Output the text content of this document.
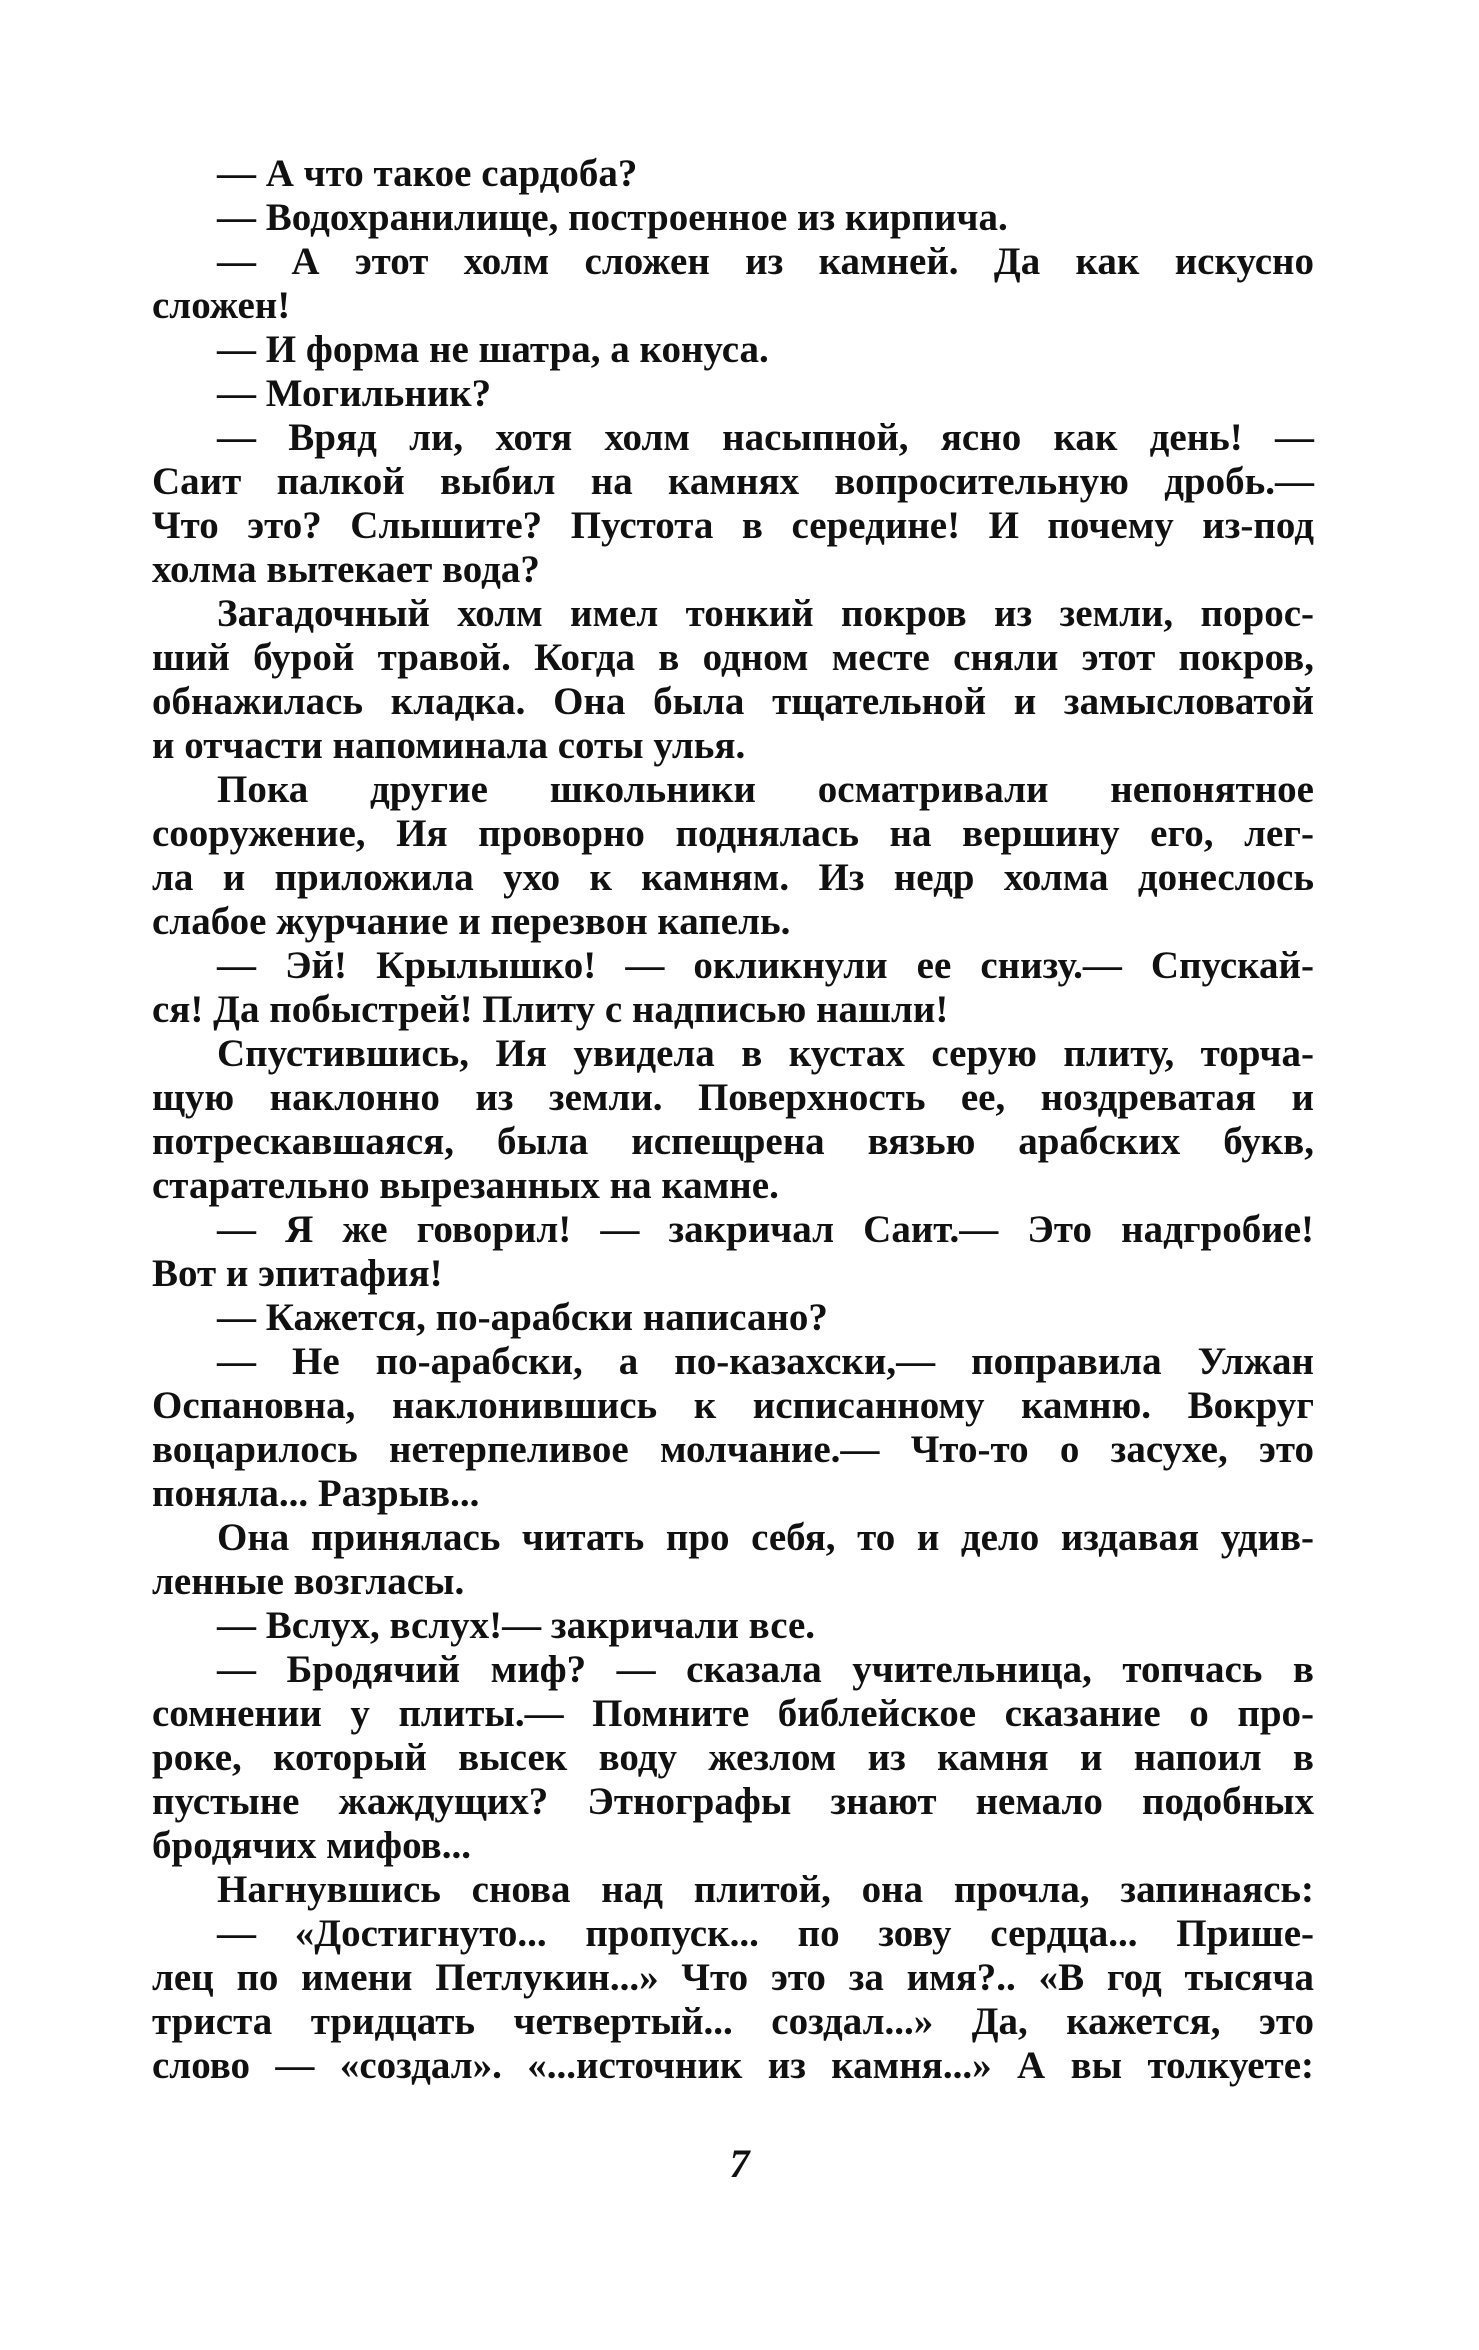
— А что такое сардоба?
— Водохранилище, построенное из кирпича.
— А этот холм сложен из камней. Да как искусно
сложен!
— И форма не шатра, а конуса.
— Могильник?
— Вряд ли, хотя холм насыпной, ясно как день! —
Саит палкой выбил на камнях вопросительную дробь.—
Что это? Слышите? Пустота в середине! И почему из-под
холма вытекает вода?
Загадочный холм имел тонкий покров из земли, порос-
ший бурой травой. Когда в одном месте сняли этот покров,
обнажилась кладка. Она была тщательной и замысловатой
и отчасти напоминала соты улья.
Пока другие школьники осматривали непонятное
сооружение, Ия проворно поднялась на вершину его, лег-
ла и приложила ухо к камням. Из недр холма донеслось
слабое журчание и перезвон капель.
— Эй! Крылышко! — окликнули ее снизу.— Спускай-
ся! Да побыстрей! Плиту с надписью нашли!
Спустившись, Ия увидела в кустах серую плиту, торча-
щую наклонно из земли. Поверхность ее, ноздреватая и
потрескавшаяся, была испещрена вязью арабских букв,
старательно вырезанных на камне.
— Я же говорил! — закричал Саит.— Это надгробие!
Вот и эпитафия!
— Кажется, по-арабски написано?
— Не по-арабски, а по-казахски,— поправила Улжан
Оспановна, наклонившись к исписанному камню. Вокруг
воцарилось нетерпеливое молчание.— Что-то о засухе, это
поняла... Разрыв...
Она принялась читать про себя, то и дело издавая удив-
ленные возгласы.
— Вслух, вслух!— закричали все.
— Бродячий миф? — сказала учительница, топчась в
сомнении у плиты.— Помните библейское сказание о про-
роке, который высек воду жезлом из камня и напоил в
пустыне жаждущих? Этнографы знают немало подобных
бродячих мифов...
Нагнувшись снова над плитой, она прочла, запинаясь:
— «Достигнуто... пропуск... по зову сердца... Прише-
лец по имени Петлукин...» Что это за имя?.. «В год тысяча
триста тридцать четвертый... создал...» Да, кажется, это
слово — «создал». «...источник из камня...» А вы толкуете:
7
